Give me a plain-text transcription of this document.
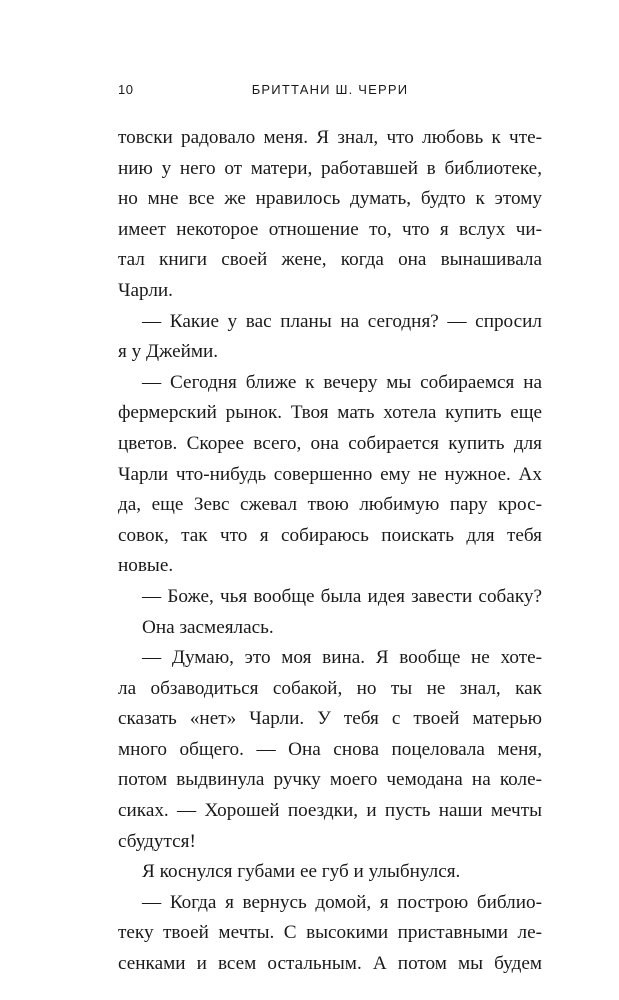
10	БРИТТАНИ Ш. ЧЕРРИ
товски радовало меня. Я знал, что любовь к чте-
нию у него от матери, работавшей в библиотеке,
но мне все же нравилось думать, будто к этому
имеет некоторое отношение то, что я вслух чи-
тал книги своей жене, когда она вынашивала
Чарли.
— Какие у вас планы на сегодня? — спросил
я у Джейми.
— Сегодня ближе к вечеру мы собираемся на
фермерский рынок. Твоя мать хотела купить еще
цветов. Скорее всего, она собирается купить для
Чарли что-нибудь совершенно ему не нужное. Ах
да, еще Зевс сжевал твою любимую пару крос-
совок, так что я собираюсь поискать для тебя
новые.
— Боже, чья вообще была идея завести собаку?
Она засмеялась.
— Думаю, это моя вина. Я вообще не хоте-
ла обзаводиться собакой, но ты не знал, как
сказать «нет» Чарли. У тебя с твоей матерью
много общего. — Она снова поцеловала меня,
потом выдвинула ручку моего чемодана на коле-
сиках. — Хорошей поездки, и пусть наши мечты
сбудутся!
Я коснулся губами ее губ и улыбнулся.
— Когда я вернусь домой, я построю библио-
теку твоей мечты. С высокими приставными ле-
сенками и всем остальным. А потом мы будем
